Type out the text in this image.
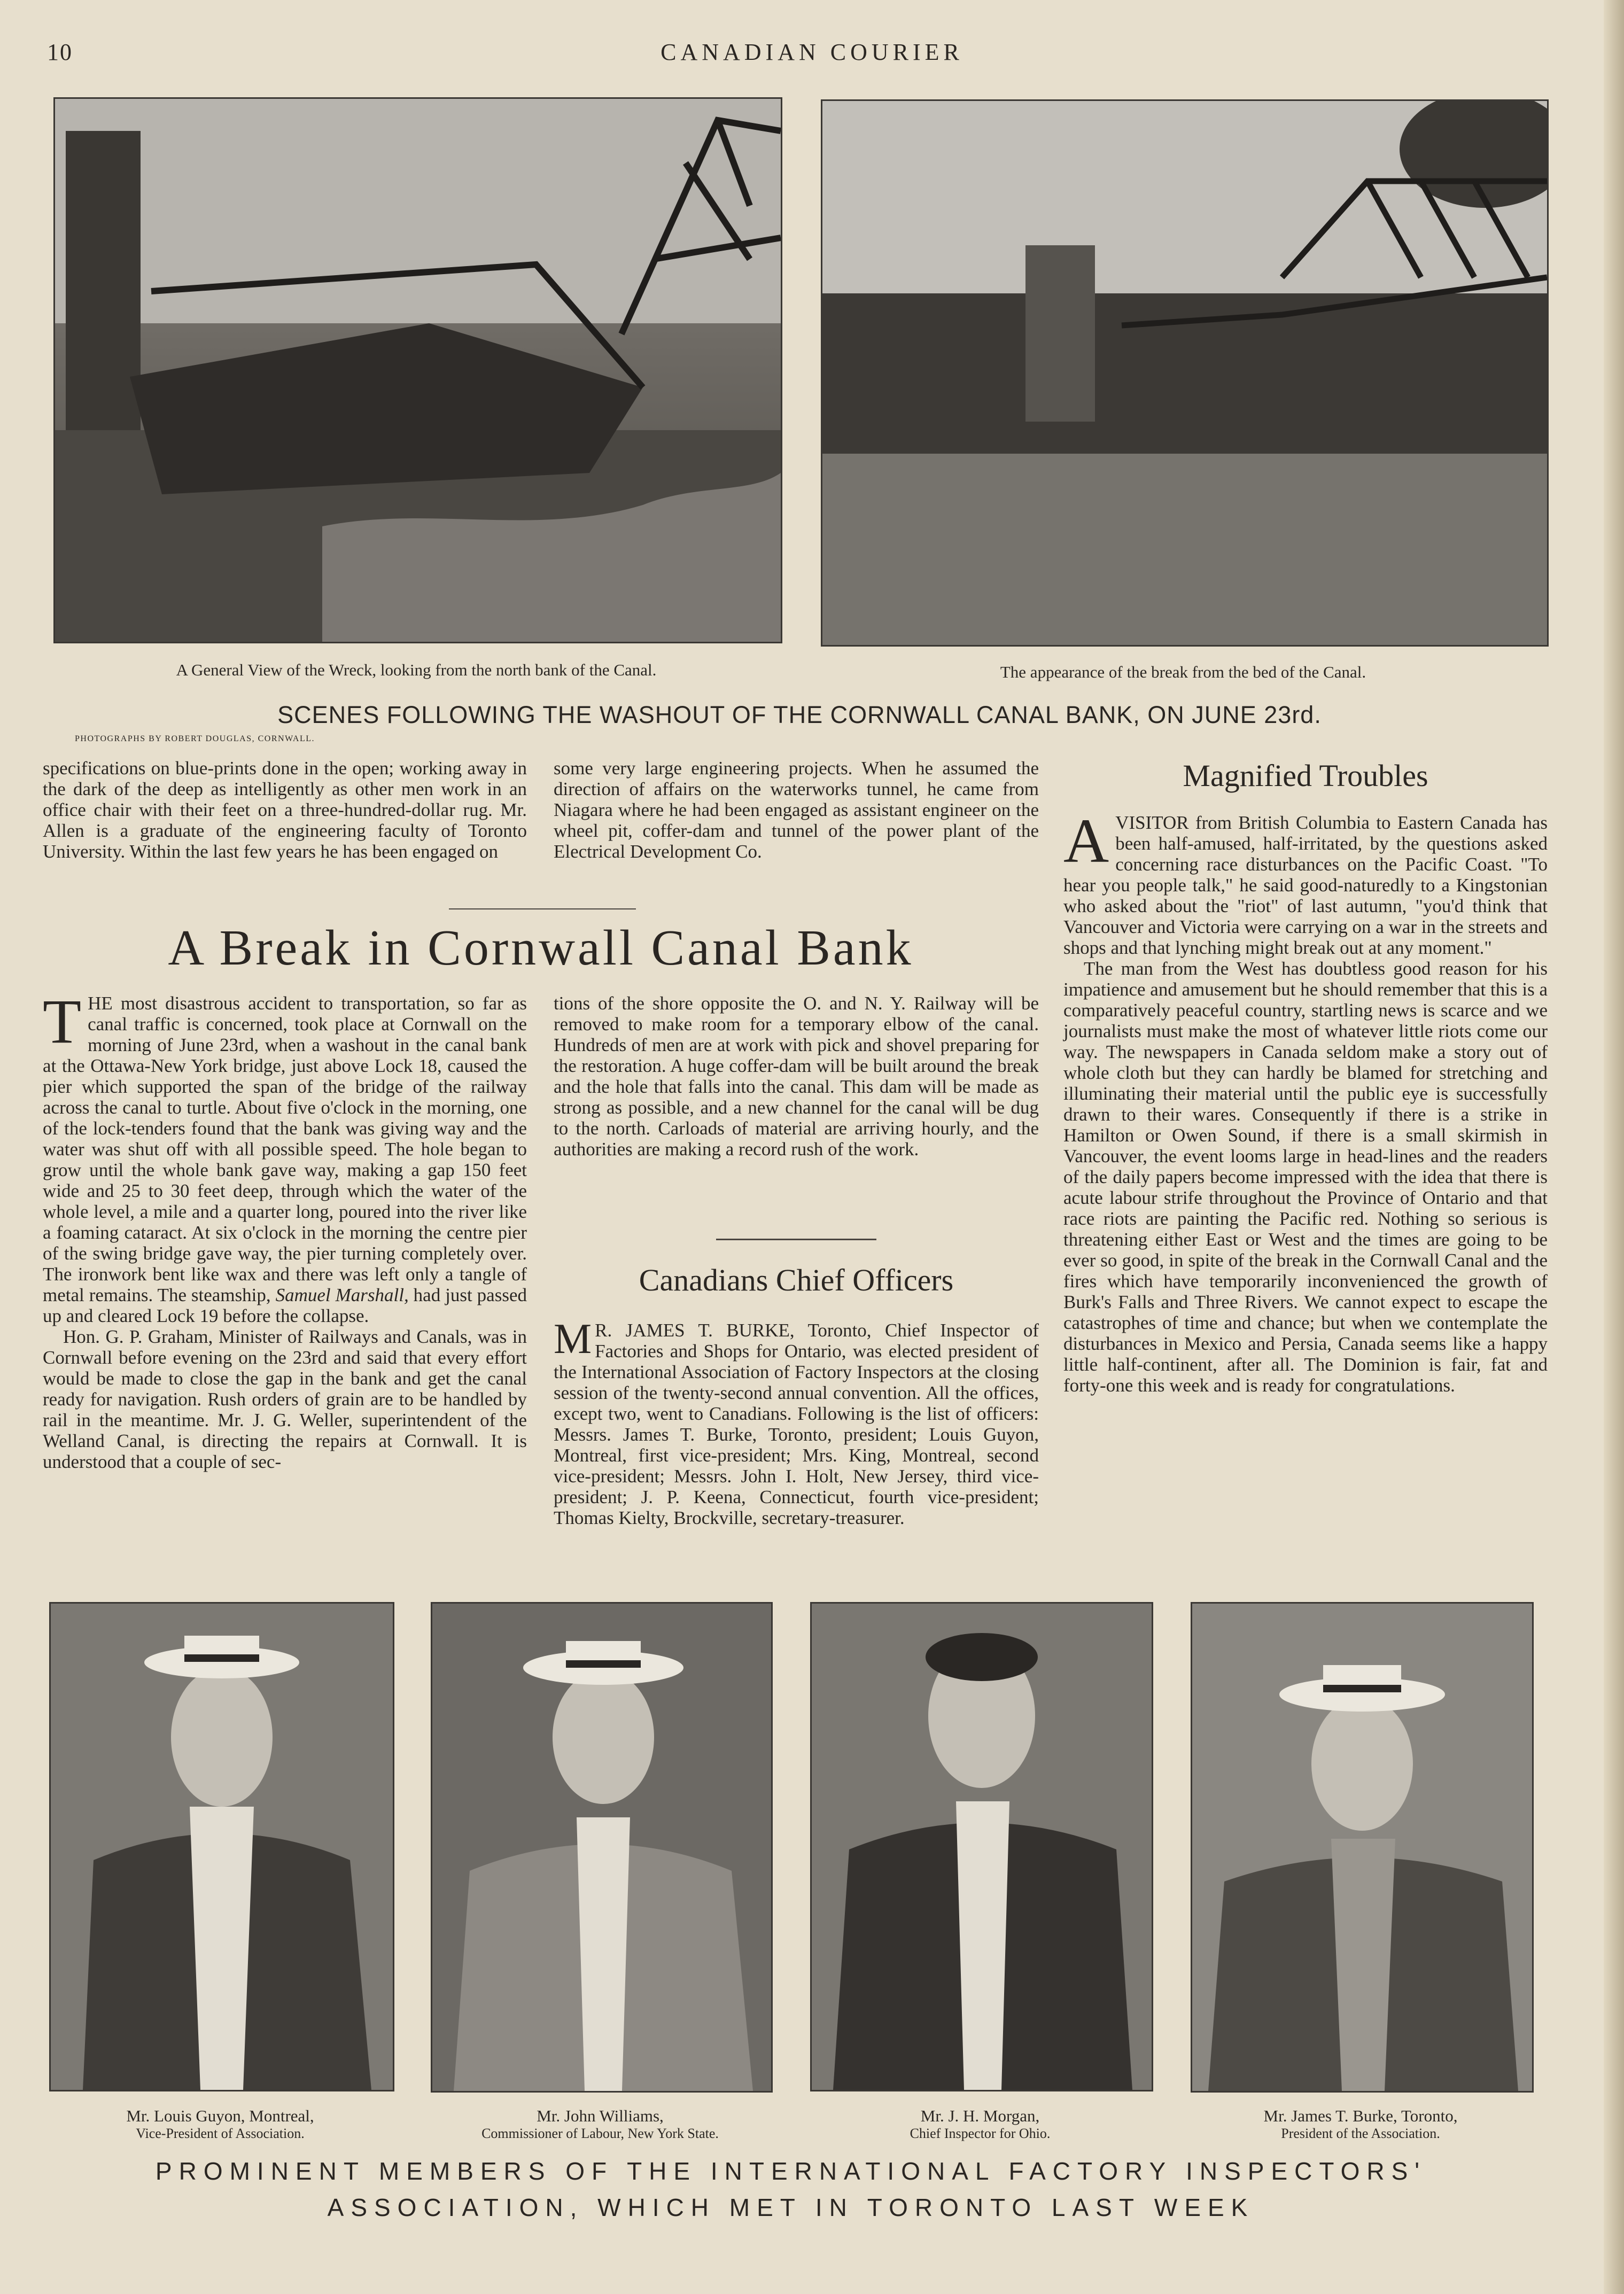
10	CANADIAN COURIER
A General View of the Wreck, looking from the north bank of the Canal.	The appearance of the break from the bed of the Canal.
SCENES FOLLOWING THE WASHOUT OF THE CORNWALL CANAL BANK, ON JUNE 23rd.
PHOTOGRAPHS BY ROBERT DOUGLAS, CORNWALL.

specifications on blue-prints done in the open; working away in the dark of the deep as intelligently as other men work in an office chair with their feet on a three-hundred-dollar rug. Mr. Allen is a graduate of the engineering faculty of Toronto University. Within the last few years he has been engaged on

some very large engineering projects. When he assumed the direction of affairs on the waterworks tunnel, he came from Niagara where he had been engaged as assistant engineer on the wheel pit, coffer-dam and tunnel of the power plant of the Electrical Development Co.

A Break in Cornwall Canal Bank

THE most disastrous accident to transportation, so far as canal traffic is concerned, took place at Cornwall on the morning of June 23rd, when a washout in the canal bank at the Ottawa-New York bridge, just above Lock 18, caused the pier which supported the span of the bridge of the railway across the canal to turtle. About five o'clock in the morning, one of the lock-tenders found that the bank was giving way and the water was shut off with all possible speed. The hole began to grow until the whole bank gave way, making a gap 150 feet wide and 25 to 30 feet deep, through which the water of the whole level, a mile and a quarter long, poured into the river like a foaming cataract. At six o'clock in the morning the centre pier of the swing bridge gave way, the pier turning completely over. The ironwork bent like wax and there was left only a tangle of metal remains. The steamship, Samuel Marshall, had just passed up and cleared Lock 19 before the collapse.

Hon. G. P. Graham, Minister of Railways and Canals, was in Cornwall before evening on the 23rd and said that every effort would be made to close the gap in the bank and get the canal ready for navigation. Rush orders of grain are to be handled by rail in the meantime. Mr. J. G. Weller, superintendent of the Welland Canal, is directing the repairs at Cornwall. It is understood that a couple of sec-

tions of the shore opposite the O. and N. Y. Railway will be removed to make room for a temporary elbow of the canal. Hundreds of men are at work with pick and shovel preparing for the restoration. A huge coffer-dam will be built around the break and the hole that falls into the canal. This dam will be made as strong as possible, and a new channel for the canal will be dug to the north. Carloads of material are arriving hourly, and the authorities are making a record rush of the work.

Canadians Chief Officers

M R. JAMES T. BURKE, Toronto, Chief Inspector of Factories and Shops for Ontario, was elected president of the International Association of Factory Inspectors at the closing session of the twenty-second annual convention. All the offices, except two, went to Canadians. Following is the list of officers: Messrs. James T. Burke, Toronto, president; Louis Guyon, Montreal, first vice-president; Mrs. King, Montreal, second vice-president; Messrs. John I. Holt, New Jersey, third vice-president; J. P. Keena, Connecticut, fourth vice-president; Thomas Kielty, Brockville, secretary-treasurer.

Magnified Troubles

AVISITOR from British Columbia to Eastern Canada has been half-amused, half-irritated, by the questions asked concerning race disturbances on the Pacific Coast. "To hear you people talk," he said good-naturedly to a Kingstonian who asked about the "riot" of last autumn, "you'd think that Vancouver and Victoria were carrying on a war in the streets and shops and that lynching might break out at any moment."

The man from the West has doubtless good reason for his impatience and amusement but he should remember that this is a comparatively peaceful country, startling news is scarce and we journalists must make the most of whatever little riots come our way. The newspapers in Canada seldom make a story out of whole cloth but they can hardly be blamed for stretching and illuminating their material until the public eye is successfully drawn to their wares. Consequently if there is a strike in Hamilton or Owen Sound, if there is a small skirmish in Vancouver, the event looms large in head-lines and the readers of the daily papers become impressed with the idea that there is acute labour strife throughout the Province of Ontario and that race riots are painting the Pacific red. Nothing so serious is threatening either East or West and the times are going to be ever so good, in spite of the break in the Cornwall Canal and the fires which have temporarily inconvenienced the growth of Burk's Falls and Three Rivers. We cannot expect to escape the catastrophes of time and chance; but when we contemplate the disturbances in Mexico and Persia, Canada seems like a happy little half-continent, after all. The Dominion is fair, fat and forty-one this week and is ready for congratulations.

Mr. Louis Guyon, Montreal,
Vice-President of Association.
Mr. John Williams,
Commissioner of Labour, New York State.
Mr. J. H. Morgan,
Chief Inspector for Ohio.
Mr. James T. Burke, Toronto,
President of the Association.
PROMINENT MEMBERS OF THE INTERNATIONAL FACTORY INSPECTORS'
ASSOCIATION, WHICH MET IN TORONTO LAST WEEK
